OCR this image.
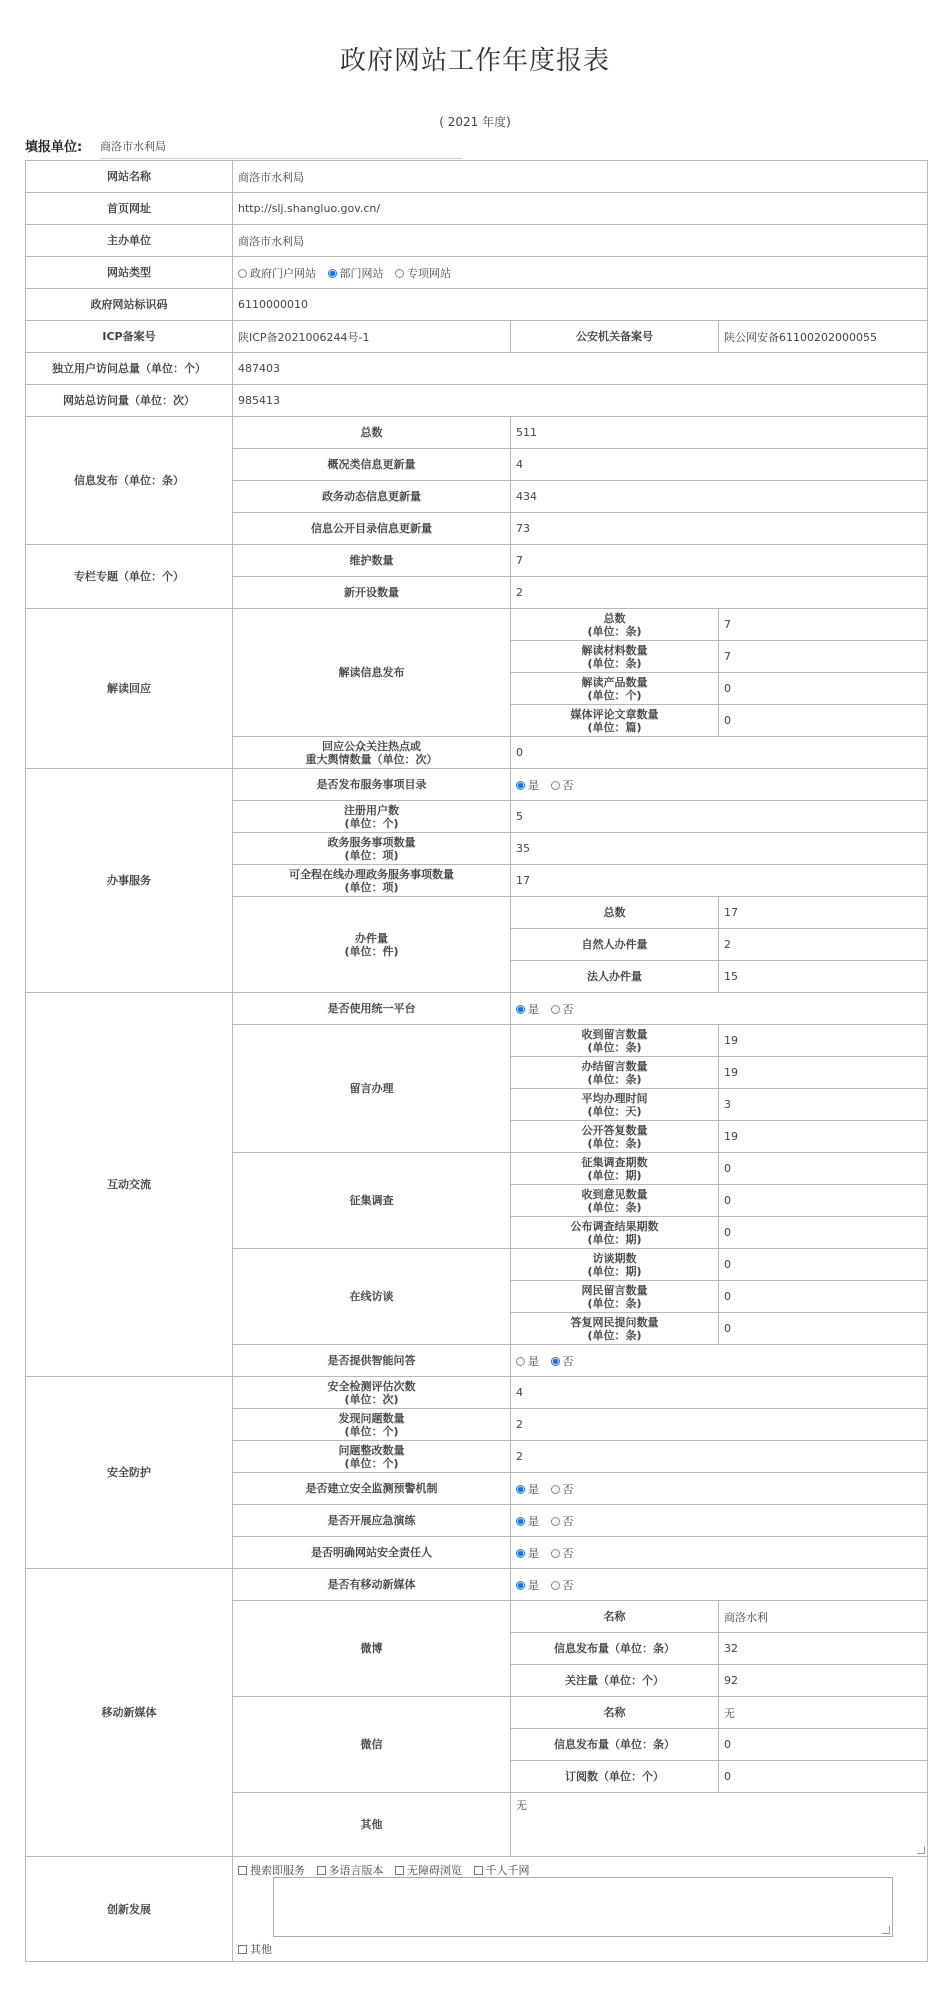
政府网站工作年度报表
( 2021 年度)
填报单位: 商洛市水利局
网站名称	商洛市水利局		
首页网址	http://slj.shangluo.gov.cn/		
主办单位	商洛市水利局		
网站类型	政府门户网站 部门网站 专项网站		
政府网站标识码	6110000010		
ICP备案号	陕ICP备2021006244号-1	公安机关备案号	陕公网安备61100202000055
独立用户访问总量（单位：个）	487403		
网站总访问量（单位：次）	985413		
信息发布（单位：条）	总数	511	
	概况类信息更新量	4	
	政务动态信息更新量	434	
	信息公开目录信息更新量	73	
专栏专题（单位：个）	维护数量	7	
	新开设数量	2	
解读回应	解读信息发布	总数
(单位：条)	7

		解读材料数量
(单位：条)	7

		解读产品数量
(单位：个)	0

		媒体评论文章数量
(单位：篇)	0

	回应公众关注热点或
重大舆情数量（单位：次）	0	
办事服务	是否发布服务事项目录	是 否	

	注册用户数
(单位：个)	5	

	政务服务事项数量
(单位：项)	35	

	可全程在线办理政务服务事项数量
(单位：项)	17	

	办件量
(单位：件)	总数	17
		自然人办件量	2
		法人办件量	15
互动交流	是否使用统一平台	是 否	
	留言办理	收到留言数量
(单位：条)	19

		办结留言数量
(单位：条)	19

		平均办理时间
(单位：天)	3

		公开答复数量
(单位：条)	19
	征集调查	征集调查期数
(单位：期)	0

		收到意见数量
(单位：条)	0

		公布调查结果期数
(单位：期)	0
	在线访谈	访谈期数
(单位：期)	0

		网民留言数量
(单位：条)	0

		答复网民提问数量
(单位：条)	0
	是否提供智能问答	是 否	
安全防护	安全检测评估次数
(单位：次)	4	

	发现问题数量
(单位：个)	2	

	问题整改数量
(单位：个)	2	
	是否建立安全监测预警机制	是 否	
	是否开展应急演练	是 否	
	是否明确网站安全责任人	是 否	
移动新媒体	是否有移动新媒体	是 否	
	微博	名称	商洛水利
		信息发布量（单位：条）	32
		关注量（单位：个）	92
	微信	名称	无
		信息发布量（单位：条）	0
		订阅数（单位：个）	0
	其他	无	

创新发展	搜索即服务 多语言版本 无障碍浏览 千人千网
其他		
